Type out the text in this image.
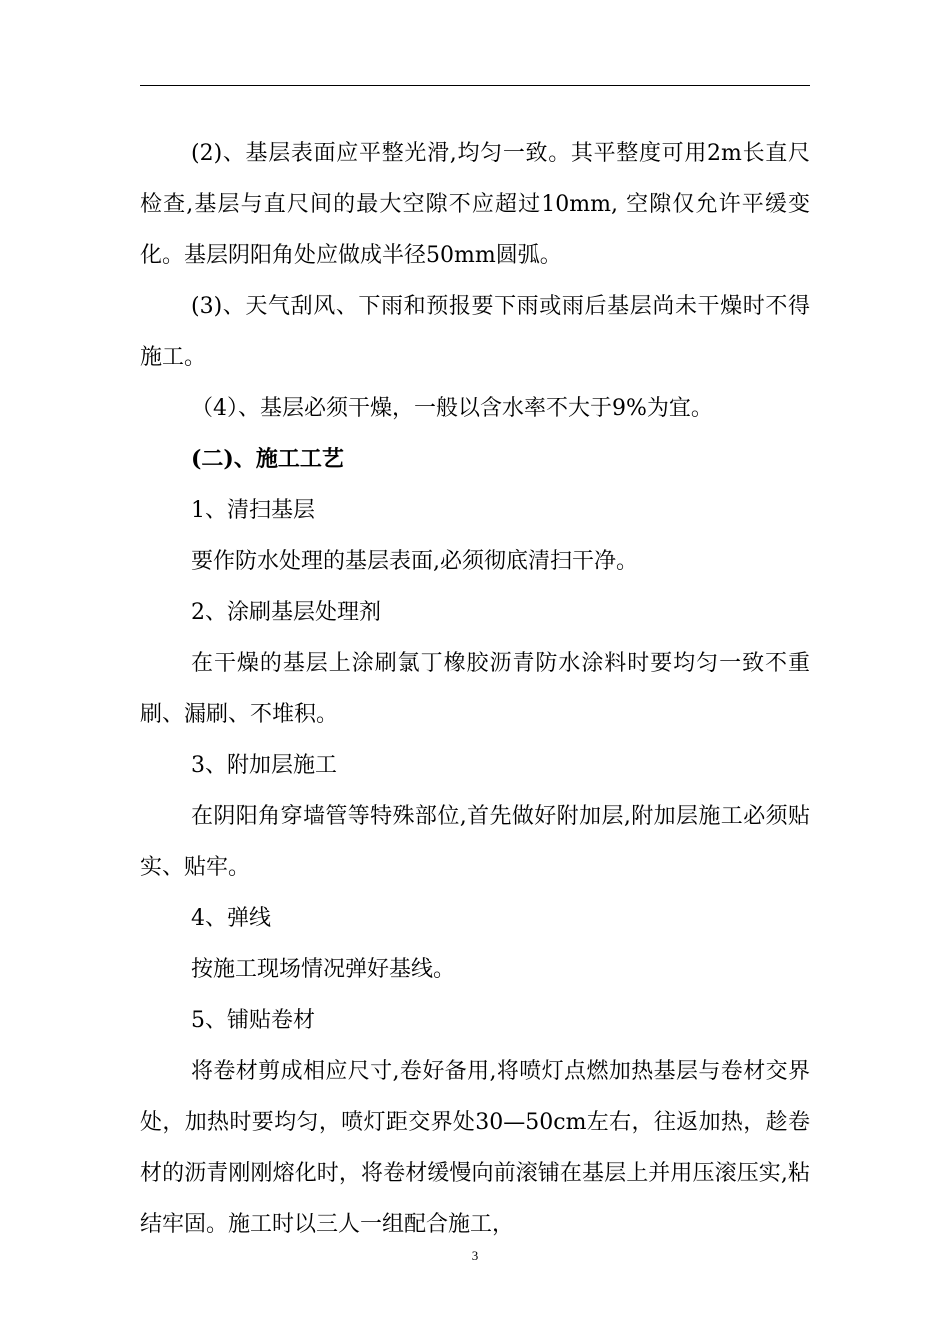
(2)、基层表面应平整光滑,均匀一致。其平整度可用2m长直尺检查,基层与直尺间的最大空隙不应超过10mm, 空隙仅允许平缓变化。基层阴阳角处应做成半径50mm圆弧。

(3)、天气刮风、下雨和预报要下雨或雨后基层尚未干燥时不得施工。

（4）、基层必须干燥，一般以含水率不大于9%为宜。

(二)、施工工艺

1、清扫基层

要作防水处理的基层表面,必须彻底清扫干净。

2、涂刷基层处理剂

在干燥的基层上涂刷氯丁橡胶沥青防水涂料时要均匀一致不重刷、漏刷、不堆积。

3、附加层施工

在阴阳角穿墙管等特殊部位,首先做好附加层,附加层施工必须贴实、贴牢。

4、弹线

按施工现场情况弹好基线。

5、铺贴卷材

将卷材剪成相应尺寸,卷好备用,将喷灯点燃加热基层与卷材交界处，加热时要均匀，喷灯距交界处30—50cm左右，往返加热，趁卷材的沥青刚刚熔化时，将卷材缓慢向前滚铺在基层上并用压滚压实,粘结牢固。施工时以三人一组配合施工，

3
